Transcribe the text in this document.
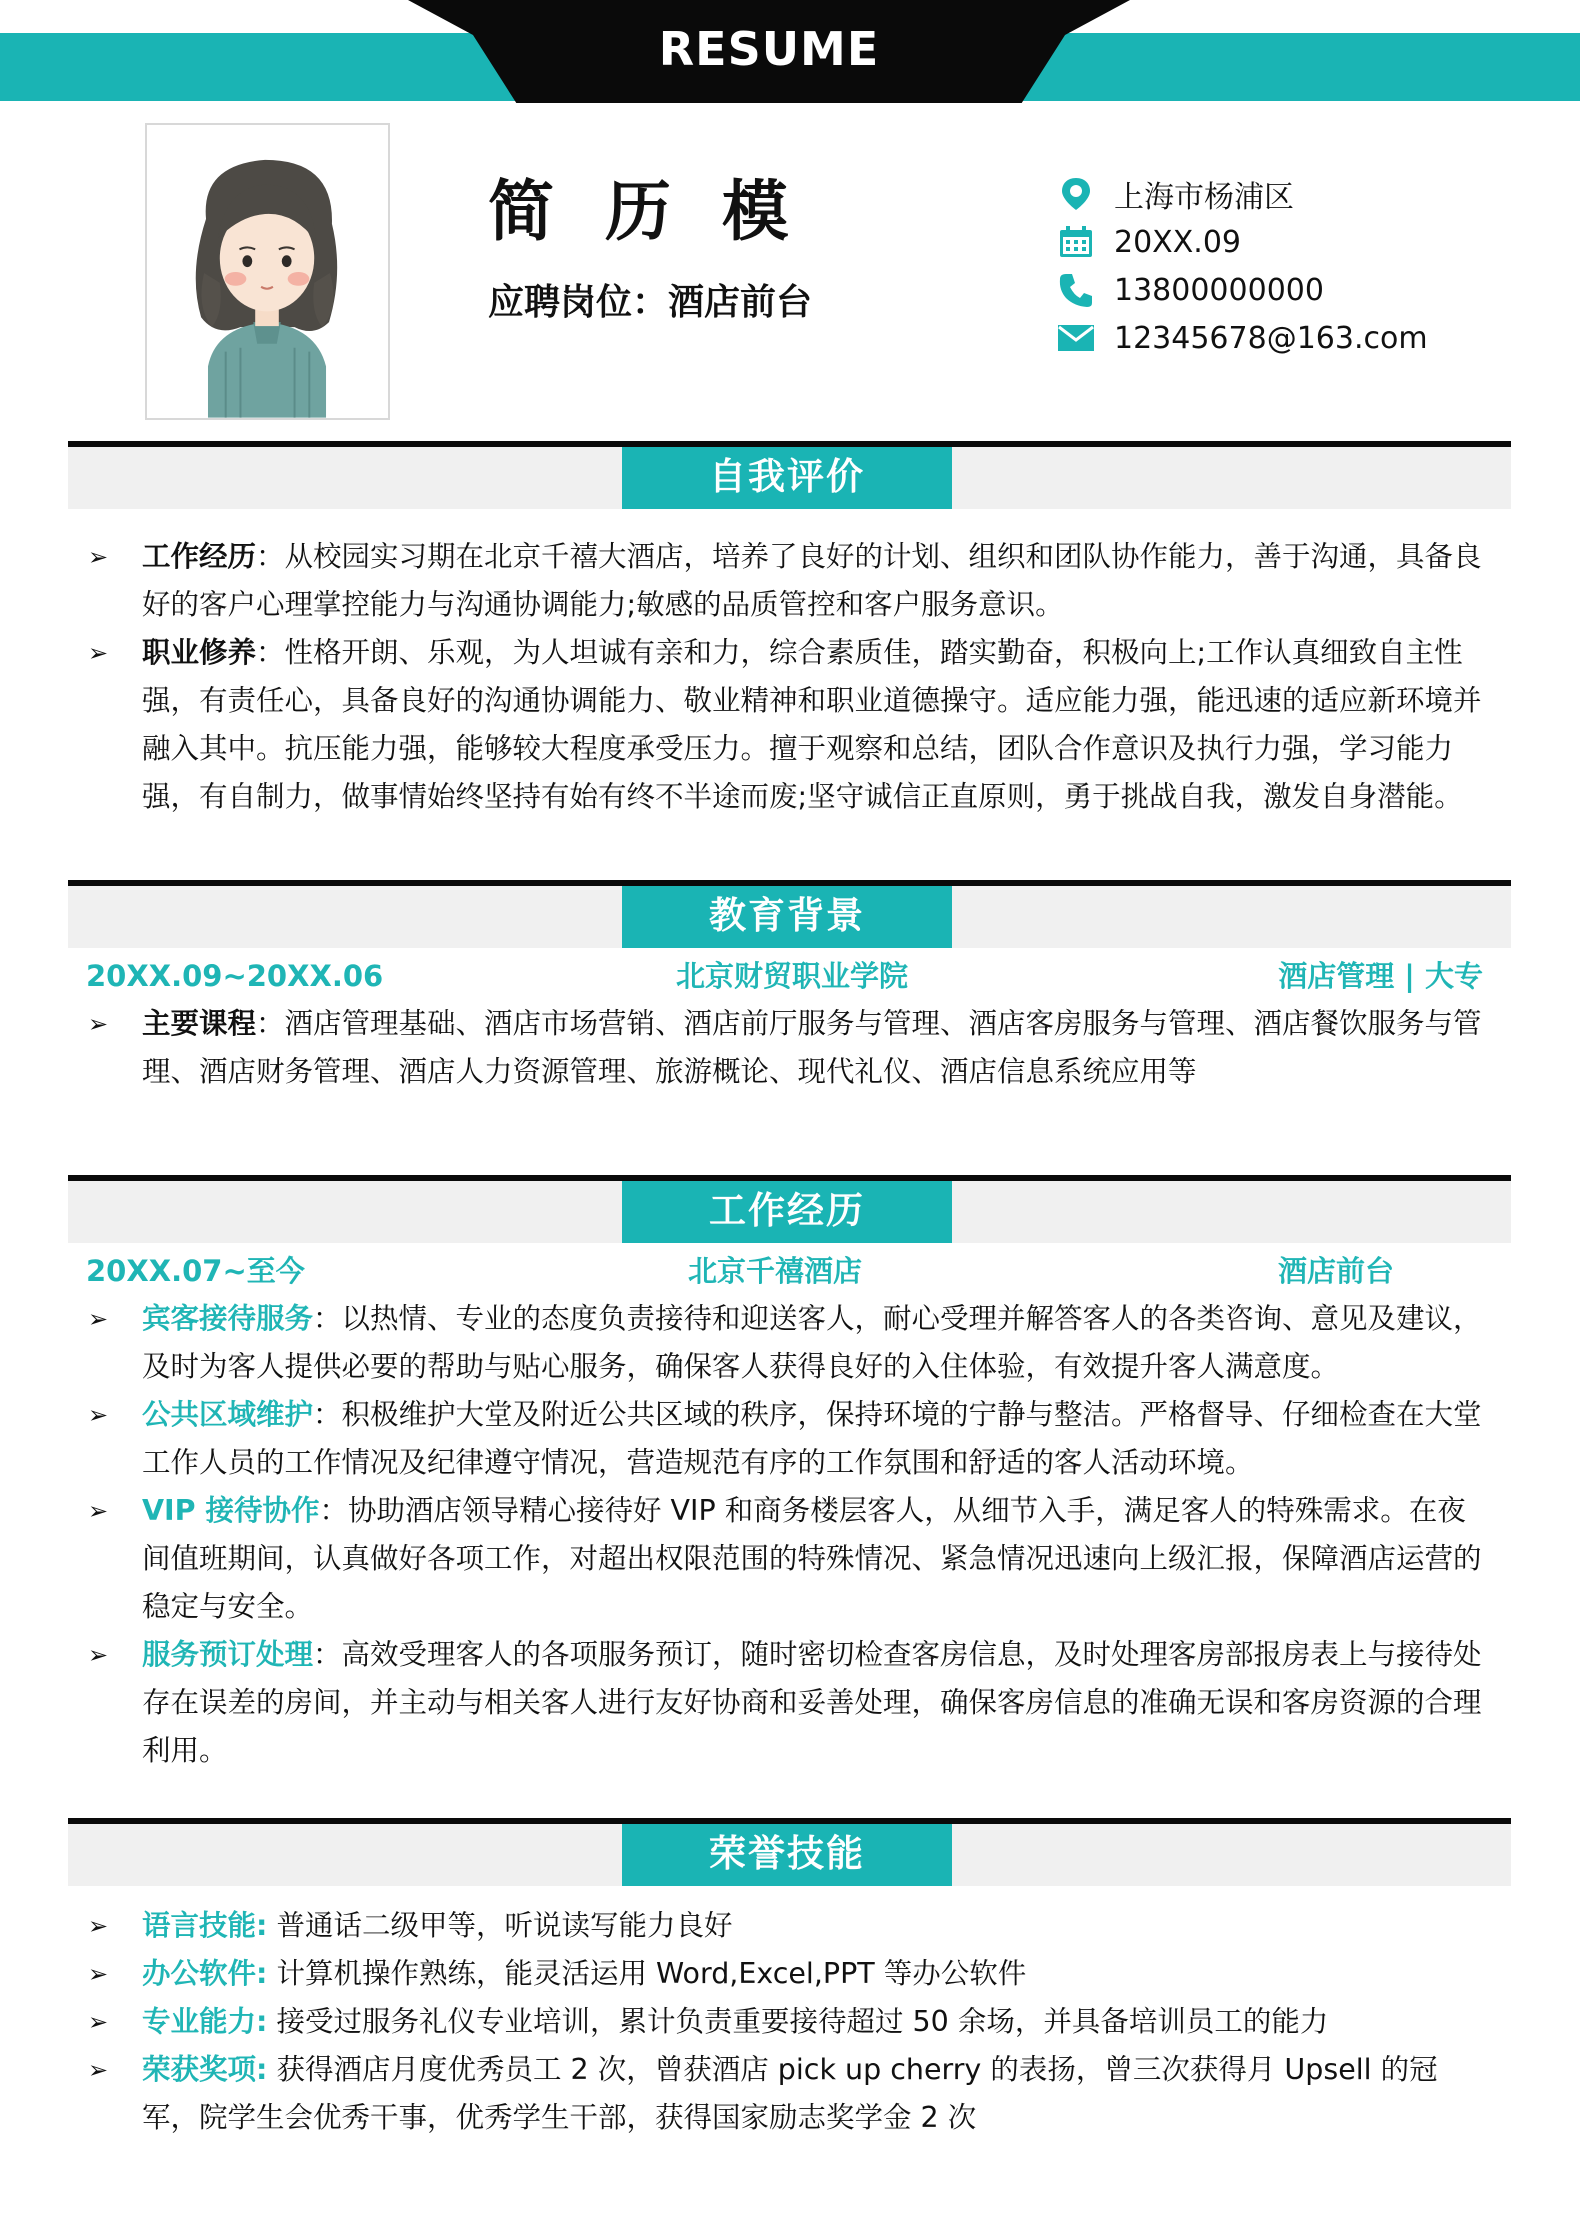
RESUME
简 历 模
应聘岗位：酒店前台
上海市杨浦区
20XX.09
13800000000
12345678@163.com
自我评价
➢ 工作经历：从校园实习期在北京千禧大酒店，培养了良好的计划、组织和团队协作能力，善于沟通，具备良好的客户心理掌控能力与沟通协调能力;敏感的品质管控和客户服务意识。
➢ 职业修养：性格开朗、乐观，为人坦诚有亲和力，综合素质佳，踏实勤奋，积极向上;工作认真细致自主性强，有责任心，具备良好的沟通协调能力、敬业精神和职业道德操守。适应能力强，能迅速的适应新环境并融入其中。抗压能力强，能够较大程度承受压力。擅于观察和总结，团队合作意识及执行力强，学习能力强，有自制力，做事情始终坚持有始有终不半途而废;坚守诚信正直原则，勇于挑战自我，激发自身潜能。
教育背景
20XX.09~20XX.06	北京财贸职业学院	酒店管理 | 大专
➢ 主要课程：酒店管理基础、酒店市场营销、酒店前厅服务与管理、酒店客房服务与管理、酒店餐饮服务与管理、酒店财务管理、酒店人力资源管理、旅游概论、现代礼仪、酒店信息系统应用等
工作经历
20XX.07~至今	北京千禧酒店	酒店前台
➢ 宾客接待服务：以热情、专业的态度负责接待和迎送客人，耐心受理并解答客人的各类咨询、意见及建议，及时为客人提供必要的帮助与贴心服务，确保客人获得良好的入住体验，有效提升客人满意度。
➢ 公共区域维护：积极维护大堂及附近公共区域的秩序，保持环境的宁静与整洁。严格督导、仔细检查在大堂工作人员的工作情况及纪律遵守情况，营造规范有序的工作氛围和舒适的客人活动环境。
➢ VIP 接待协作：协助酒店领导精心接待好 VIP 和商务楼层客人，从细节入手，满足客人的特殊需求。在夜间值班期间，认真做好各项工作，对超出权限范围的特殊情况、紧急情况迅速向上级汇报，保障酒店运营的稳定与安全。
➢ 服务预订处理：高效受理客人的各项服务预订，随时密切检查客房信息，及时处理客房部报房表上与接待处存在误差的房间，并主动与相关客人进行友好协商和妥善处理，确保客房信息的准确无误和客房资源的合理利用。
荣誉技能
➢ 语言技能: 普通话二级甲等，听说读写能力良好
➢ 办公软件: 计算机操作熟练，能灵活运用 Word,Excel,PPT 等办公软件
➢ 专业能力: 接受过服务礼仪专业培训，累计负责重要接待超过 50 余场，并具备培训员工的能力
➢ 荣获奖项: 获得酒店月度优秀员工 2 次，曾获酒店 pick up cherry 的表扬，曾三次获得月 Upsell 的冠军，院学生会优秀干事，优秀学生干部，获得国家励志奖学金 2 次
